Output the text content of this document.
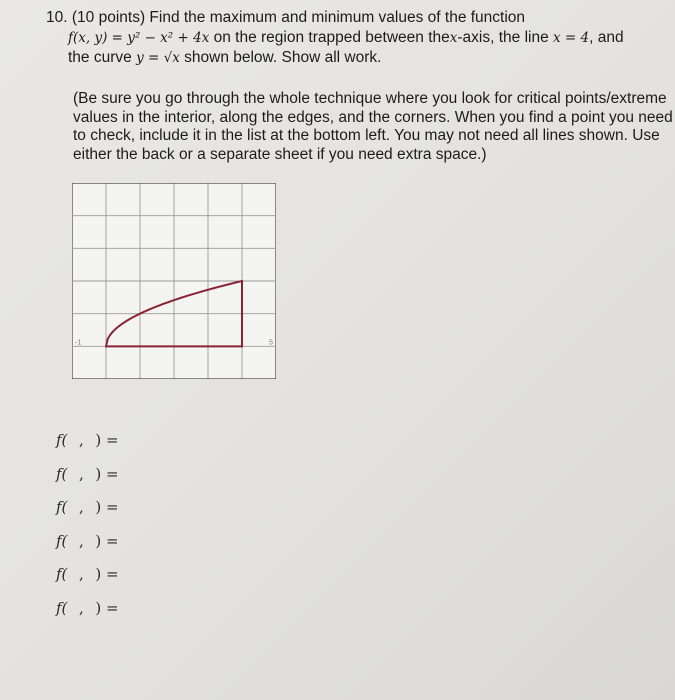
10. (10 points) Find the maximum and minimum values of the function
f(x, y) = y² − x² + 4x on the region trapped between thex-axis, the line x = 4, and
the curve y = √x shown below. Show all work.
(Be sure you go through the whole technique where you look for critical points/extreme
values in the interior, along the edges, and the corners. When you find a point you need
to check, include it in the list at the bottom left. You may not need all lines shown. Use
either the back or a separate sheet if you need extra space.)
-1	5
f( , ) =
f( , ) =
f( , ) =
f( , ) =
f( , ) =
f( , ) =
